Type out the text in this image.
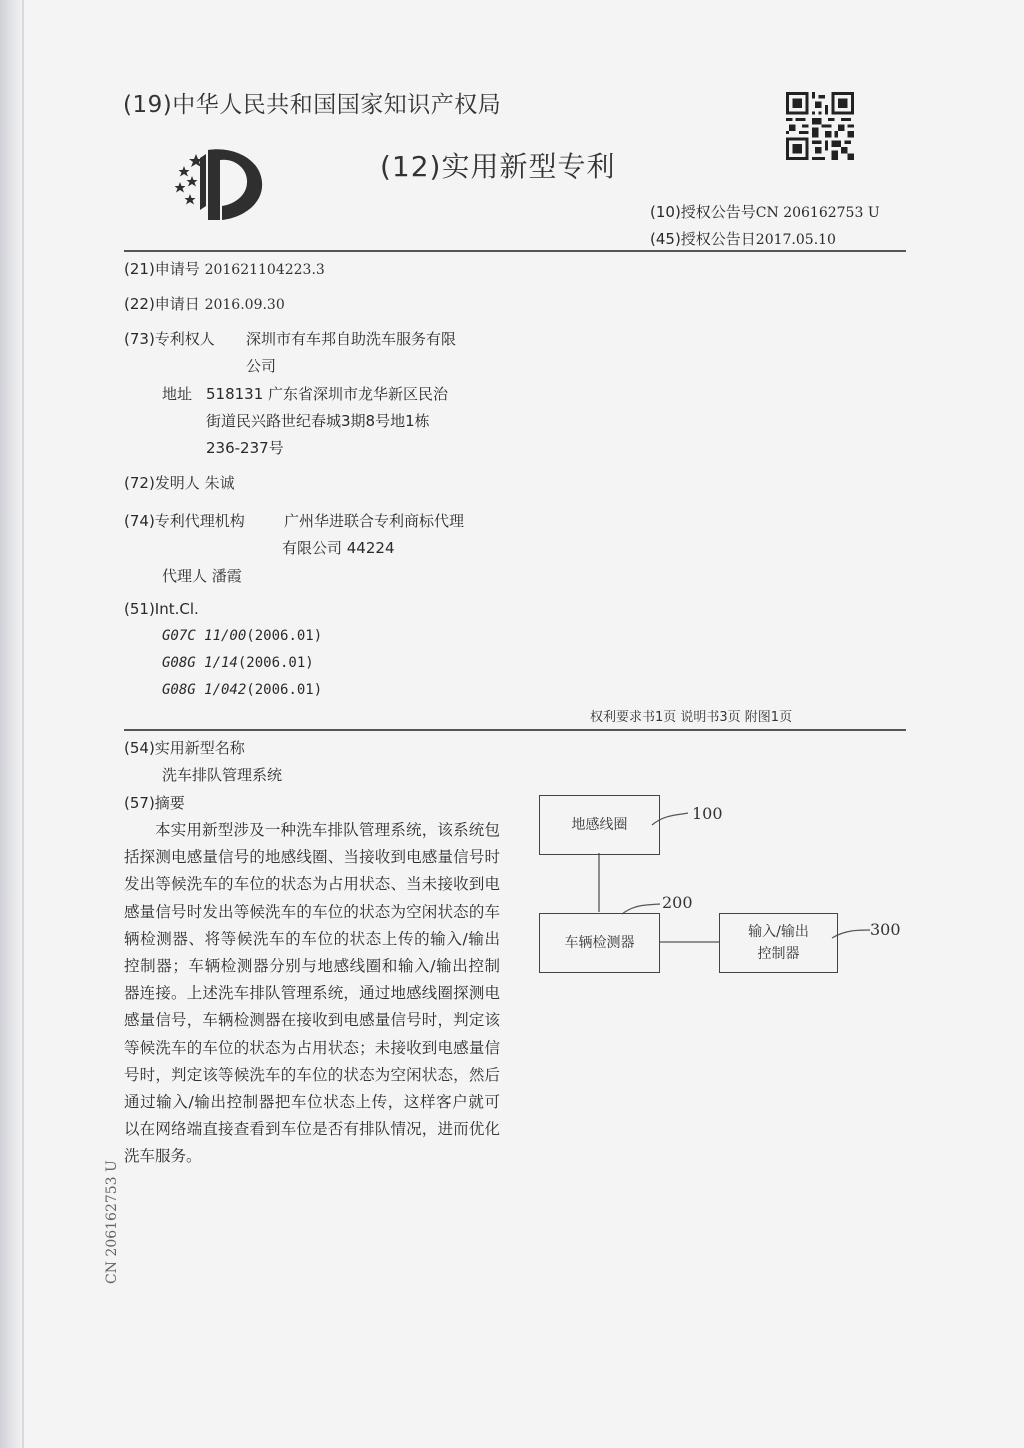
(19)中华人民共和国国家知识产权局
(12)实用新型专利
(10)授权公告号CN 206162753 U
(45)授权公告日2017.05.10
(21)申请号 201621104223.3
(22)申请日 2016.09.30
(73)专利权人 深圳市有车邦自助洗车服务有限
公司
地址 518131 广东省深圳市龙华新区民治
街道民兴路世纪春城3期8号地1栋
236-237号
(72)发明人 朱诚
(74)专利代理机构	广州华进联合专利商标代理
有限公司 44224
代理人 潘霞
(51)Int.Cl.
G07C 11/00(2006.01)
G08G 1/14(2006.01)
G08G 1/042(2006.01)
权利要求书1页 说明书3页 附图1页
(54)实用新型名称
洗车排队管理系统
(57)摘要
本实用新型涉及一种洗车排队管理系统，该系统包括探测电感量信号的地感线圈、当接收到电感量信号时发出等候洗车的车位的状态为占用状态、当未接收到电感量信号时发出等候洗车的车位的状态为空闲状态的车辆检测器、将等候洗车的车位的状态上传的输入/输出控制器；车辆检测器分别与地感线圈和输入/输出控制器连接。上述洗车排队管理系统，通过地感线圈探测电感量信号，车辆检测器在接收到电感量信号时，判定该等候洗车的车位的状态为占用状态；未接收到电感量信号时，判定该等候洗车的车位的状态为空闲状态，然后通过输入/输出控制器把车位状态上传，这样客户就可以在网络端直接查看到车位是否有排队情况，进而优化洗车服务。
CN 206162753 U
地感线圈
车辆检测器
输入/输出
控制器
100
200
300
